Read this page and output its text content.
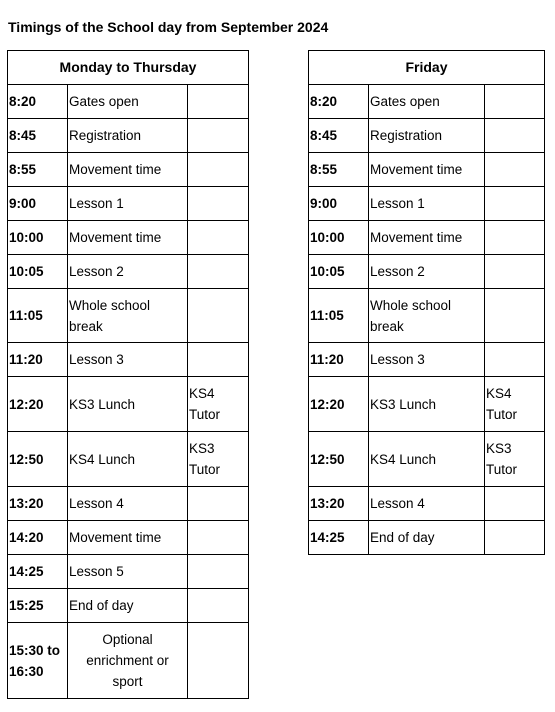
Timings of the School day from September 2024
Monday to Thursday		
8:20	Gates open	
8:45	Registration	
8:55	Movement time	
9:00	Lesson 1	
10:00	Movement time	
10:05	Lesson 2	
11:05	Whole school
break	
11:20	Lesson 3	
12:20	KS3 Lunch	KS4
Tutor
12:50	KS4 Lunch	KS3
Tutor
13:20	Lesson 4	
14:20	Movement time	
14:25	Lesson 5	
15:25	End of day	
15:30 to
16:30	Optional
enrichment or
sport	
Friday		
8:20	Gates open	
8:45	Registration	
8:55	Movement time	
9:00	Lesson 1	
10:00	Movement time	
10:05	Lesson 2	
11:05	Whole school
break	
11:20	Lesson 3	
12:20	KS3 Lunch	KS4
Tutor
12:50	KS4 Lunch	KS3
Tutor
13:20	Lesson 4	
14:25	End of day	
